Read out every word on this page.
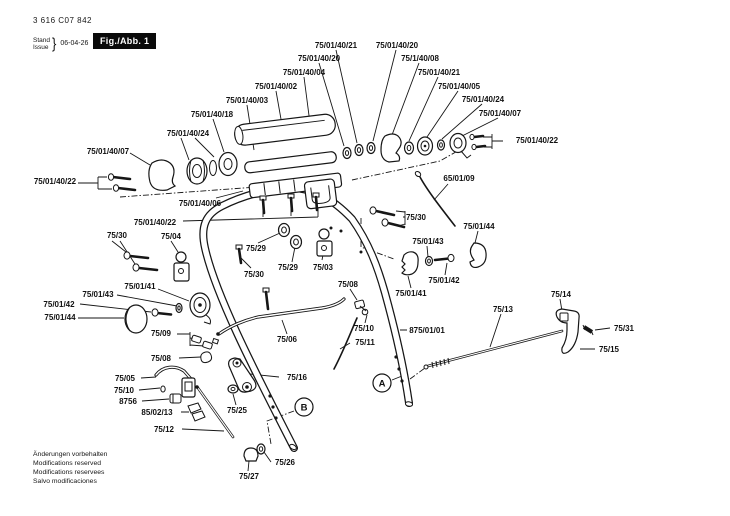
3 616 C07 842
Stand
Issue } 06-04-26	Fig./Abb. 1
Änderungen vorbehalten
Modifications reserved
Modifications reservees
Salvo modificaciones
75/01/40/03
75/01/40/02
75/01/40/04
75/01/40/20
75/01/40/21 75/01/40/20
75/1/40/08
75/01/40/21
75/01/40/05
75/01/40/24
75/01/40/07
75/01/40/22
65/01/09
75/01/40/18
75/01/40/24
75/01/40/07
75/01/40/22
75/01/40/06
75/01/40/22
75/30	75/04
75/29
75/29
75/30
75/03
75/30
75/01/43
75/01/44
75/01/42
75/01/41
75/01/41
75/01/43
75/01/42
75/01/44
75/09
75/08
75/08
75/10
75/11
875/01/01
75/13
75/14
75/31
75/15
75/06
75/16
75/05
75/10
8756
85/02/13
75/12
75/25
75/26
75/27
A
B
